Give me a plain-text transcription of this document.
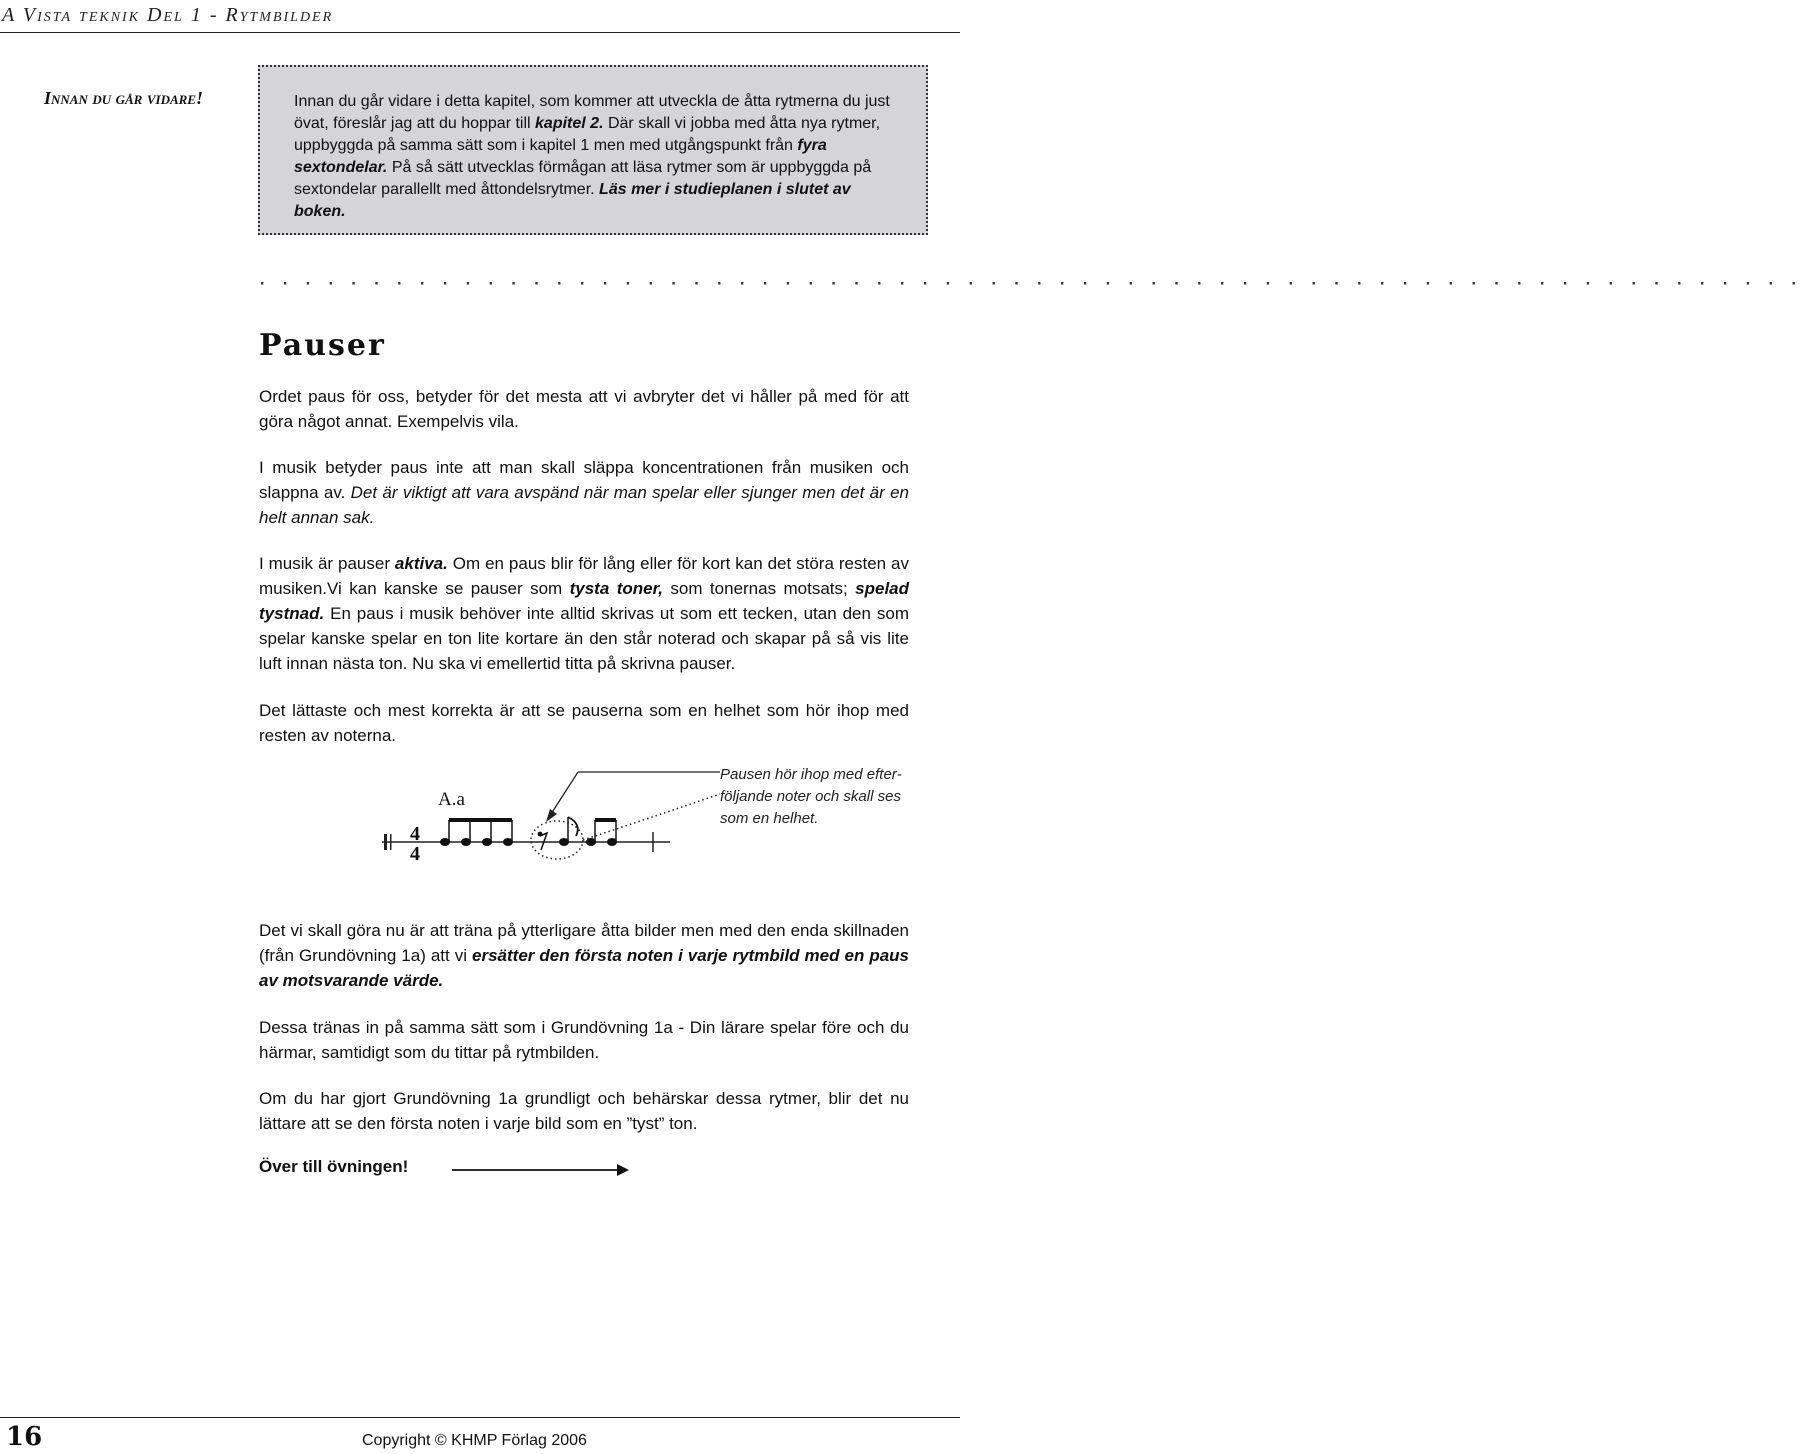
A Vista teknik Del 1 - Rytmbilder
Innan du går vidare!	Innan du går vidare i detta kapitel, som kommer att utveckla de åtta rytmerna du just övat, föreslår jag att du hoppar till kapitel 2. Där skall vi jobba med åtta nya rytmer, uppbyggda på samma sätt som i kapitel 1 men med utgångspunkt från fyra sextondelar. På så sätt utvecklas förmågan att läsa rytmer som är uppbyggda på sextondelar parallellt med åttondelsrytmer. Läs mer i studieplanen i slutet av boken.
· · · · · · · · · · · · · · · · · · · · · · · · · · · · · · · · · · · · · · · · · · · · · · · · · · · · · · · · · · · · · · · · · · · ·
Pauser
Ordet paus för oss, betyder för det mesta att vi avbryter det vi håller på med för att göra något annat. Exempelvis vila.
I musik betyder paus inte att man skall släppa koncentrationen från musiken och slappna av. Det är viktigt att vara avspänd när man spelar eller sjunger men det är en helt annan sak.
I musik är pauser aktiva. Om en paus blir för lång eller för kort kan det störa resten av musiken.Vi kan kanske se pauser som tysta toner, som tonernas motsats; spelad tystnad. En paus i musik behöver inte alltid skrivas ut som ett tecken, utan den som spelar kanske spelar en ton lite kortare än den står noterad och skapar på så vis lite luft innan nästa ton. Nu ska vi emellertid titta på skrivna pauser.
Det lättaste och mest korrekta är att se pauserna som en helhet som hör ihop med resten av noterna.
A.a
4
4
Pausen hör ihop med efterföljande noter och skall ses som en helhet.
Det vi skall göra nu är att träna på ytterligare åtta bilder men med den enda skillnaden (från Grundövning 1a) att vi ersätter den första noten i varje rytmbild med en paus av motsvarande värde.
Dessa tränas in på samma sätt som i Grundövning 1a - Din lärare spelar före och du härmar, samtidigt som du tittar på rytmbilden.
Om du har gjort Grundövning 1a grundligt och behärskar dessa rytmer, blir det nu lättare att se den första noten i varje bild som en ”tyst” ton.
Över till övningen!
16	Copyright © KHMP Förlag 2006
